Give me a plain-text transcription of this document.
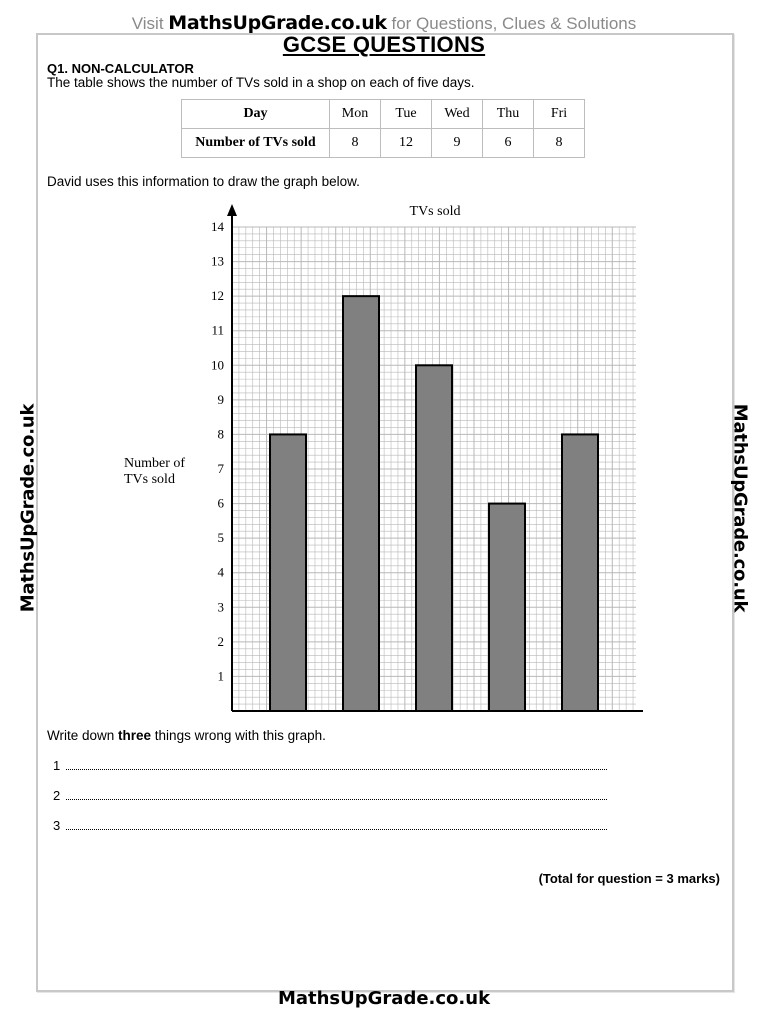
Visit MathsUpGrade.co.uk for Questions, Clues & Solutions
MathsUpGrade.co.uk	MathsUpGrade.co.uk
GCSE QUESTIONS
Q1. NON-CALCULATOR
The table shows the number of TVs sold in a shop on each of five days.
Day	Mon	Tue	Wed	Thu	Fri
Number of TVs sold	8	12	9	6	8
David uses this information to draw the graph below.
1
2
3
4
5
6
7
8
9
10
11
12
13
14
TVs sold
Number of TVs sold
Write down three things wrong with this graph.
1
2
3
(Total for question = 3 marks)
MathsUpGrade.co.uk
